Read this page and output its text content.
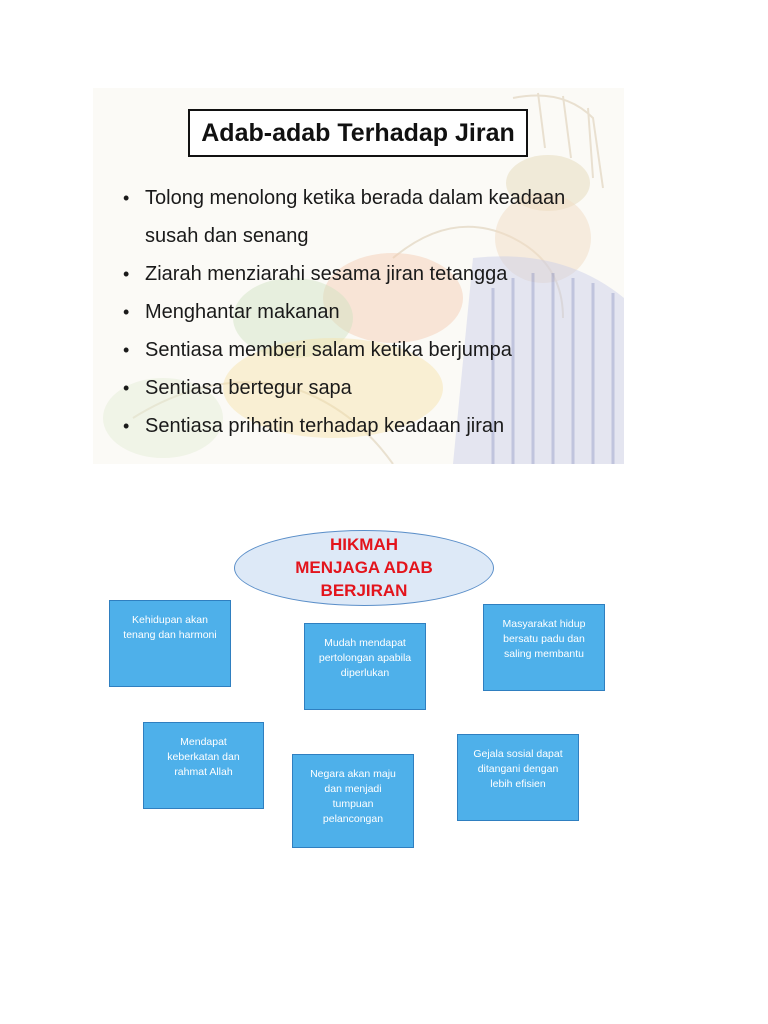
Adab-adab Terhadap Jiran
• Tolong menolong ketika berada dalam keadaan susah dan senang
• Ziarah menziarahi sesama jiran tetangga
• Menghantar makanan
• Sentiasa memberi salam ketika berjumpa
• Sentiasa bertegur sapa
• Sentiasa prihatin terhadap keadaan jiran
HIKMAH
MENJAGA ADAB
BERJIRAN
Kehidupan akan
tenang dan harmoni
Mudah mendapat
pertolongan apabila
diperlukan
Masyarakat hidup
bersatu padu dan
saling membantu
Mendapat
keberkatan dan
rahmat Allah	Negara akan maju
dan menjadi
tumpuan
pelancongan
Gejala sosial dapat
ditangani dengan
lebih efisien
